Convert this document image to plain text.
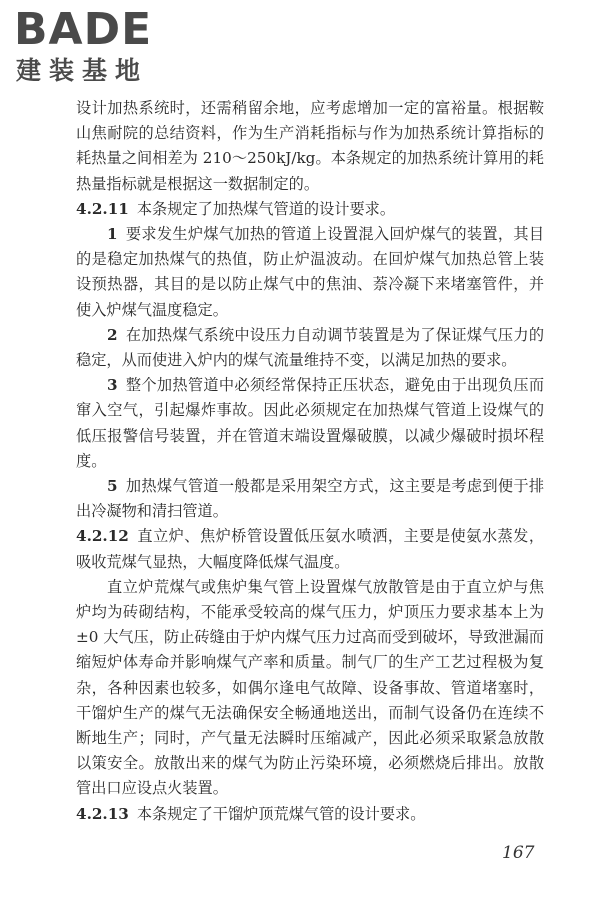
BADE
建装基地

设计加热系统时，还需稍留余地，应考虑增加一定的富裕量。根据鞍山焦耐院的总结资料，作为生产消耗指标与作为加热系统计算指标的耗热量之间相差为 210～250kJ/kg。本条规定的加热系统计算用的耗热量指标就是根据这一数据制定的。

4.2.11 本条规定了加热煤气管道的设计要求。

1 要求发生炉煤气加热的管道上设置混入回炉煤气的装置，其目的是稳定加热煤气的热值，防止炉温波动。在回炉煤气加热总管上装设预热器，其目的是以防止煤气中的焦油、萘冷凝下来堵塞管件，并使入炉煤气温度稳定。

2 在加热煤气系统中设压力自动调节装置是为了保证煤气压力的稳定，从而使进入炉内的煤气流量维持不变，以满足加热的要求。

3 整个加热管道中必须经常保持正压状态，避免由于出现负压而窜入空气，引起爆炸事故。因此必须规定在加热煤气管道上设煤气的低压报警信号装置，并在管道末端设置爆破膜，以减少爆破时损坏程度。

5 加热煤气管道一般都是采用架空方式，这主要是考虑到便于排出冷凝物和清扫管道。

4.2.12 直立炉、焦炉桥管设置低压氨水喷洒，主要是使氨水蒸发，吸收荒煤气显热，大幅度降低煤气温度。

直立炉荒煤气或焦炉集气管上设置煤气放散管是由于直立炉与焦炉均为砖砌结构，不能承受较高的煤气压力，炉顶压力要求基本上为±0 大气压，防止砖缝由于炉内煤气压力过高而受到破坏，导致泄漏而缩短炉体寿命并影响煤气产率和质量。制气厂的生产工艺过程极为复杂，各种因素也较多，如偶尔逢电气故障、设备事故、管道堵塞时，干馏炉生产的煤气无法确保安全畅通地送出，而制气设备仍在连续不断地生产；同时，产气量无法瞬时压缩减产，因此必须采取紧急放散以策安全。放散出来的煤气为防止污染环境，必须燃烧后排出。放散管出口应设点火装置。

4.2.13 本条规定了干馏炉顶荒煤气管的设计要求。

167
